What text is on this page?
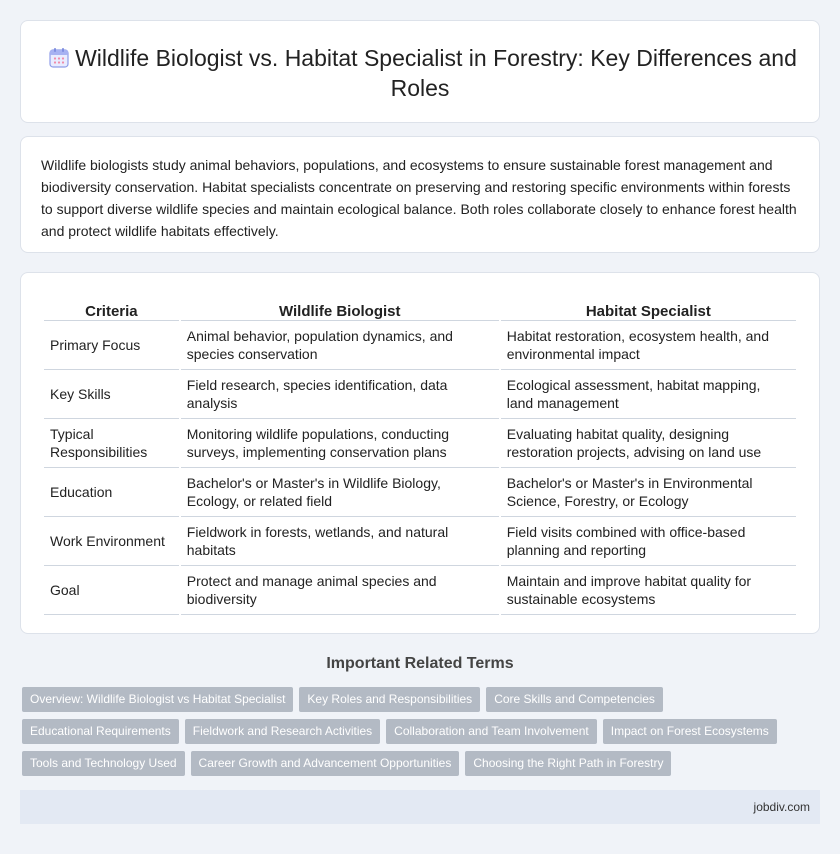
Wildlife Biologist vs. Habitat Specialist in Forestry: Key Differences and Roles

Wildlife biologists study animal behaviors, populations, and ecosystems to ensure sustainable forest management and biodiversity conservation. Habitat specialists concentrate on preserving and restoring specific environments within forests to support diverse wildlife species and maintain ecological balance. Both roles collaborate closely to enhance forest health and protect wildlife habitats effectively.

Criteria	Wildlife Biologist	Habitat Specialist
Primary Focus	Animal behavior, population dynamics, and species conservation	Habitat restoration, ecosystem health, and environmental impact
Key Skills	Field research, species identification, data analysis	Ecological assessment, habitat mapping, land management
Typical Responsibilities	Monitoring wildlife populations, conducting surveys, implementing conservation plans	Evaluating habitat quality, designing restoration projects, advising on land use
Education	Bachelor's or Master's in Wildlife Biology, Ecology, or related field	Bachelor's or Master's in Environmental Science, Forestry, or Ecology
Work Environment	Fieldwork in forests, wetlands, and natural habitats	Field visits combined with office-based planning and reporting
Goal	Protect and manage animal species and biodiversity	Maintain and improve habitat quality for sustainable ecosystems
Important Related Terms
Overview: Wildlife Biologist vs Habitat Specialist	Key Roles and Responsibilities	Core Skills and Competencies
Educational Requirements	Fieldwork and Research Activities	Collaboration and Team Involvement	Impact on Forest Ecosystems
Tools and Technology Used	Career Growth and Advancement Opportunities	Choosing the Right Path in Forestry
jobdiv.com
